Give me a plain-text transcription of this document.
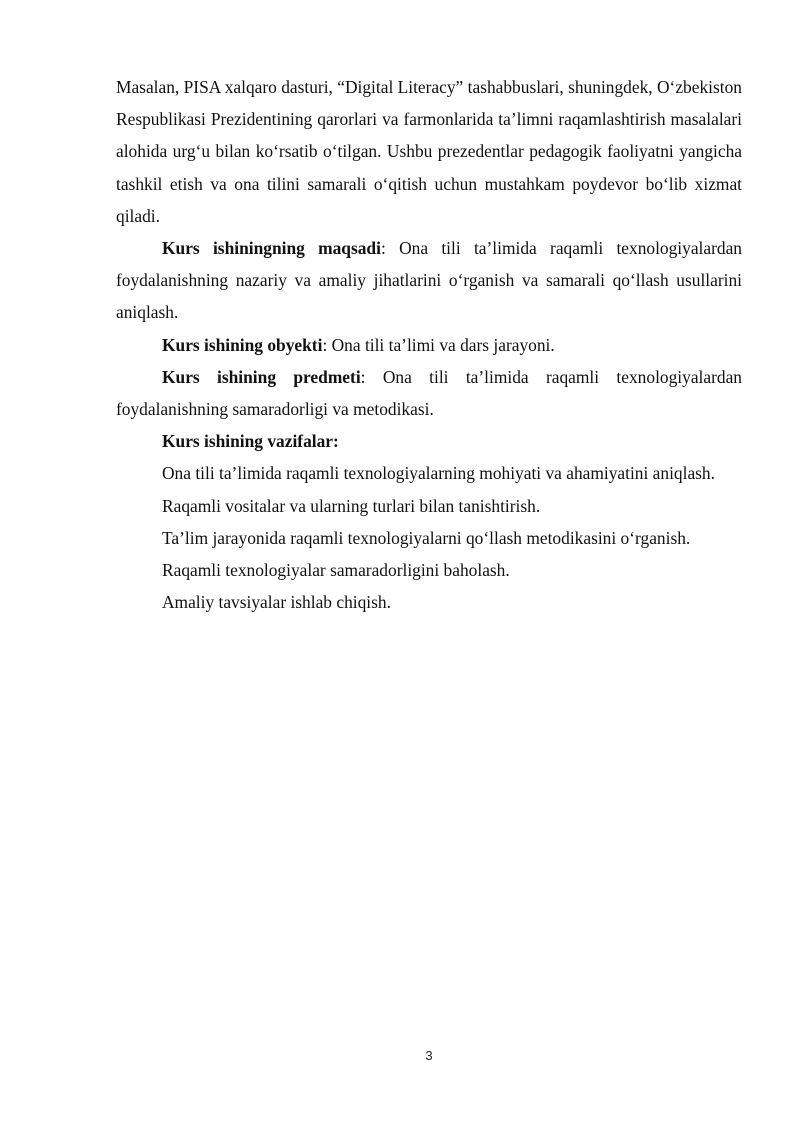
Masalan, PISA xalqaro dasturi, “Digital Literacy” tashabbuslari, shuningdek, O‘zbekiston Respublikasi Prezidentining qarorlari va farmonlarida ta’limni raqamlashtirish masalalari alohida urg‘u bilan ko‘rsatib o‘tilgan. Ushbu prezedentlar pedagogik faoliyatni yangicha tashkil etish va ona tilini samarali o‘qitish uchun mustahkam poydevor bo‘lib xizmat qiladi.

Kurs ishiningning maqsadi: Ona tili ta’limida raqamli texnologiyalardan foydalanishning nazariy va amaliy jihatlarini o‘rganish va samarali qo‘llash usullarini aniqlash.

Kurs ishining obyekti: Ona tili ta’limi va dars jarayoni.

Kurs ishining predmeti: Ona tili ta’limida raqamli texnologiyalardan foydalanishning samaradorligi va metodikasi.

Kurs ishining vazifalar:

Ona tili ta’limida raqamli texnologiyalarning mohiyati va ahamiyatini aniqlash.

Raqamli vositalar va ularning turlari bilan tanishtirish.

Ta’lim jarayonida raqamli texnologiyalarni qo‘llash metodikasini o‘rganish.

Raqamli texnologiyalar samaradorligini baholash.

Amaliy tavsiyalar ishlab chiqish.

3
